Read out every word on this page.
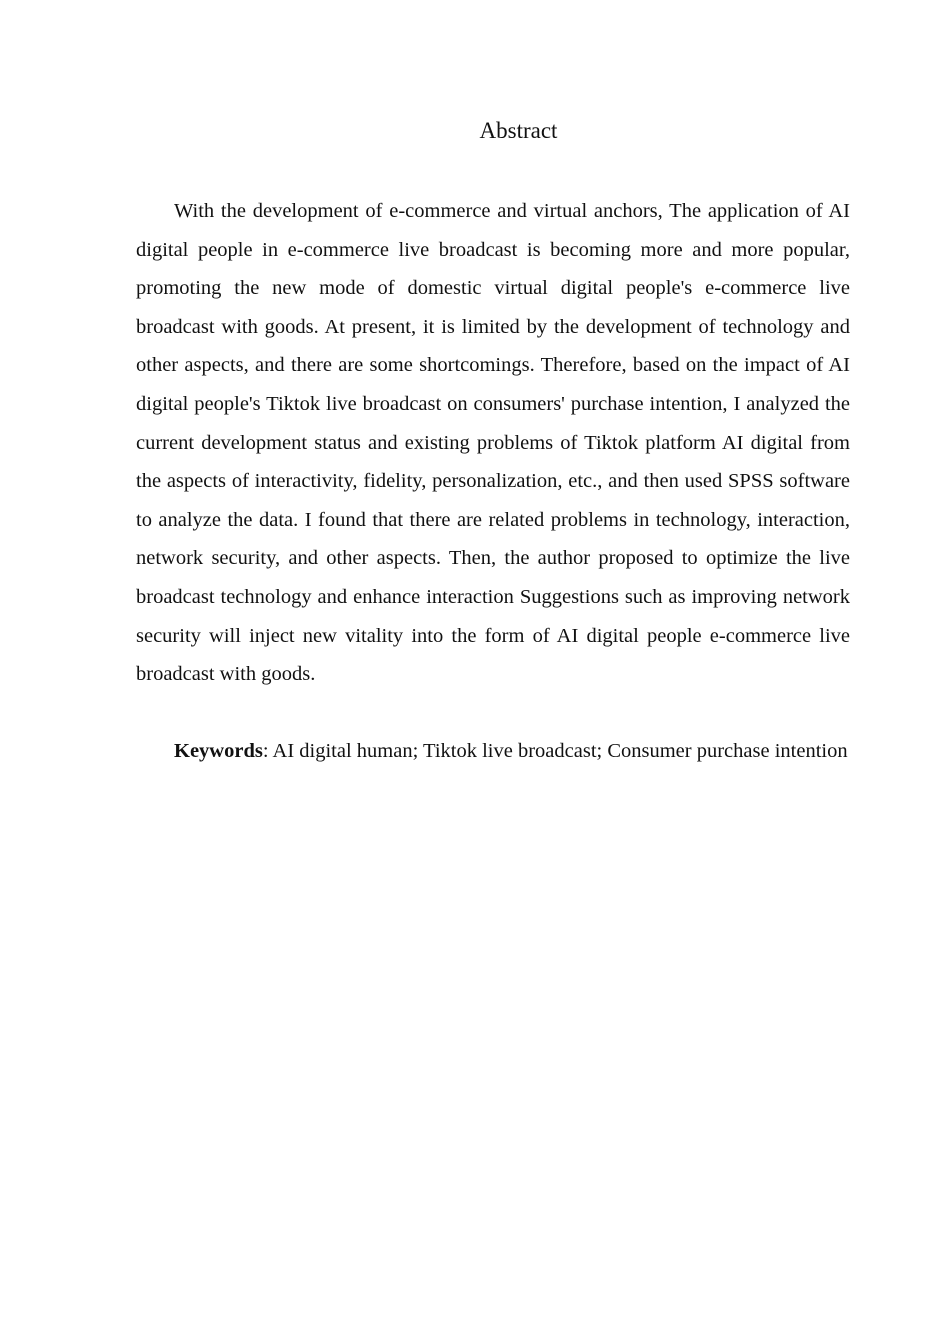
Abstract

With the development of e-commerce and virtual anchors, The application of AI digital people in e-commerce live broadcast is becoming more and more popular, promoting the new mode of domestic virtual digital people's e-commerce live broadcast with goods. At present, it is limited by the development of technology and other aspects, and there are some shortcomings. Therefore, based on the impact of AI digital people's Tiktok live broadcast on consumers' purchase intention, I analyzed the current development status and existing problems of Tiktok platform AI digital from the aspects of interactivity, fidelity, personalization, etc., and then used SPSS software to analyze the data. I found that there are related problems in technology, interaction, network security, and other aspects. Then, the author proposed to optimize the live broadcast technology and enhance interaction Suggestions such as improving network security will inject new vitality into the form of AI digital people e-commerce live broadcast with goods.

Keywords: AI digital human; Tiktok live broadcast; Consumer purchase intention
